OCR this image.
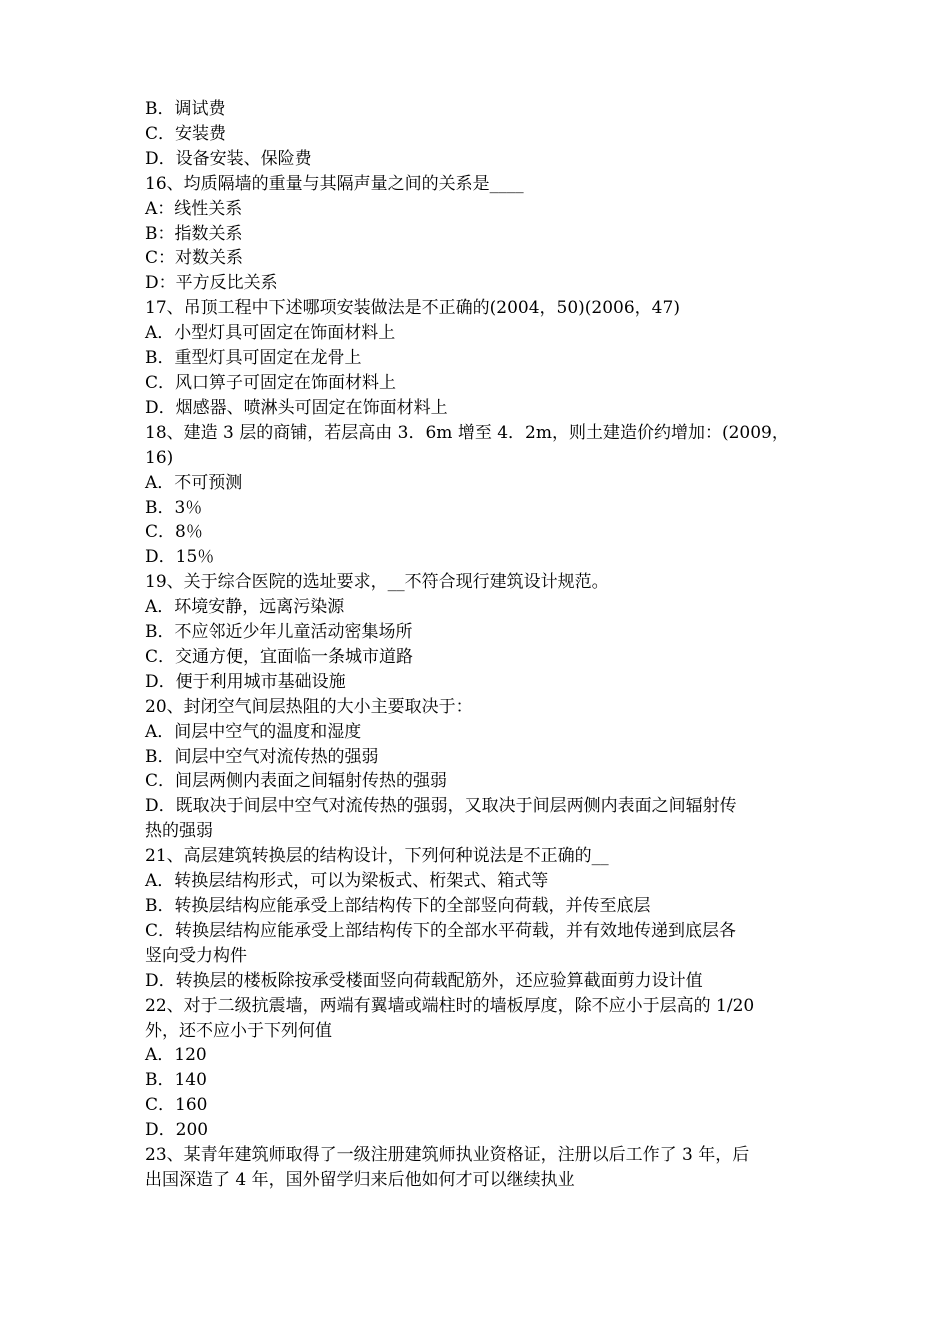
B．调试费

C．安装费

D．设备安装、保险费

16、均质隔墙的重量与其隔声量之间的关系是____

A：线性关系

B：指数关系

C：对数关系

D：平方反比关系

17、吊顶工程中下述哪项安装做法是不正确的(2004，50)(2006，47)

A．小型灯具可固定在饰面材料上

B．重型灯具可固定在龙骨上

C．风口箅子可固定在饰面材料上

D．烟感器、喷淋头可固定在饰面材料上

18、建造 3 层的商铺，若层高由 3．6m 增至 4．2m，则土建造价约增加：(2009，

16)

A．不可预测

B．3％

C．8％

D．15％

19、关于综合医院的选址要求，__不符合现行建筑设计规范。

A．环境安静，远离污染源

B．不应邻近少年儿童活动密集场所

C．交通方便，宜面临一条城市道路

D．便于利用城市基础设施

20、封闭空气间层热阻的大小主要取决于：

A．间层中空气的温度和湿度

B．间层中空气对流传热的强弱

C．间层两侧内表面之间辐射传热的强弱

D．既取决于间层中空气对流传热的强弱，又取决于间层两侧内表面之间辐射传

热的强弱

21、高层建筑转换层的结构设计，下列何种说法是不正确的__

A．转换层结构形式，可以为梁板式、桁架式、箱式等

B．转换层结构应能承受上部结构传下的全部竖向荷载，并传至底层

C．转换层结构应能承受上部结构传下的全部水平荷载，并有效地传递到底层各

竖向受力构件

D．转换层的楼板除按承受楼面竖向荷载配筋外，还应验算截面剪力设计值

22、对于二级抗震墙，两端有翼墙或端柱时的墙板厚度，除不应小于层高的 1/20

外，还不应小于下列何值

A．120

B．140

C．160

D．200

23、某青年建筑师取得了一级注册建筑师执业资格证，注册以后工作了 3 年，后

出国深造了 4 年，国外留学归来后他如何才可以继续执业
